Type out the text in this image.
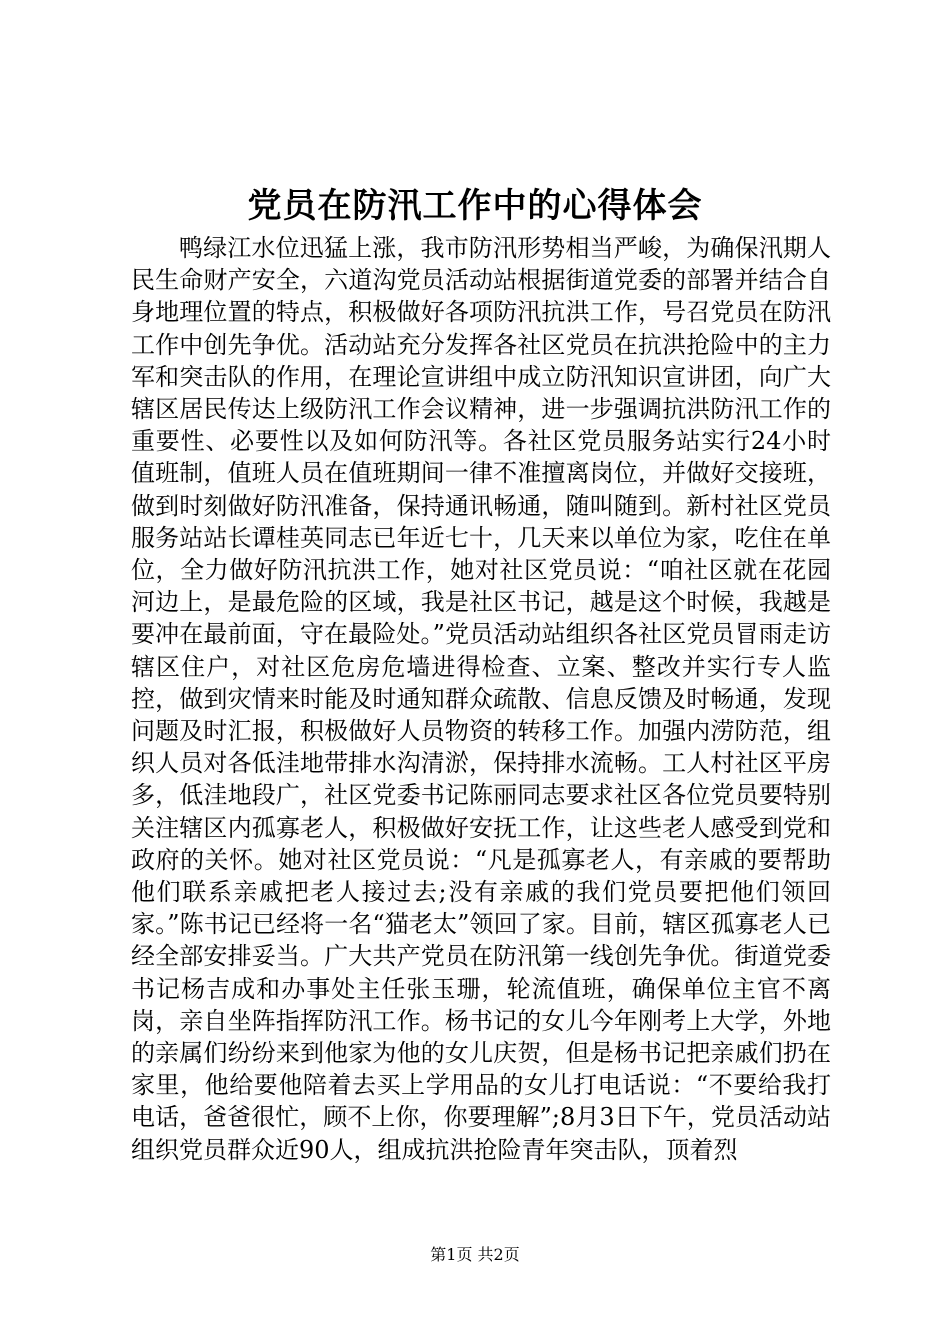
党员在防汛工作中的心得体会

鸭绿江水位迅猛上涨，我市防汛形势相当严峻，为确保汛期人民生命财产安全，六道沟党员活动站根据街道党委的部署并结合自身地理位置的特点，积极做好各项防汛抗洪工作，号召党员在防汛工作中创先争优。活动站充分发挥各社区党员在抗洪抢险中的主力军和突击队的作用，在理论宣讲组中成立防汛知识宣讲团，向广大辖区居民传达上级防汛工作会议精神，进一步强调抗洪防汛工作的重要性、必要性以及如何防汛等。各社区党员服务站实行24小时值班制，值班人员在值班期间一律不准擅离岗位，并做好交接班，做到时刻做好防汛准备，保持通讯畅通，随叫随到。新村社区党员服务站站长谭桂英同志已年近七十，几天来以单位为家，吃住在单位，全力做好防汛抗洪工作，她对社区党员说：“咱社区就在花园河边上，是最危险的区域，我是社区书记，越是这个时候，我越是要冲在最前面，守在最险处。”党员活动站组织各社区党员冒雨走访辖区住户，对社区危房危墙进得检查、立案、整改并实行专人监控，做到灾情来时能及时通知群众疏散、信息反馈及时畅通，发现问题及时汇报，积极做好人员物资的转移工作。加强内涝防范，组织人员对各低洼地带排水沟清淤，保持排水流畅。工人村社区平房多，低洼地段广，社区党委书记陈丽同志要求社区各位党员要特别关注辖区内孤寡老人，积极做好安抚工作，让这些老人感受到党和政府的关怀。她对社区党员说：“凡是孤寡老人，有亲戚的要帮助他们联系亲戚把老人接过去;没有亲戚的我们党员要把他们领回家。”陈书记已经将一名“猫老太”领回了家。目前，辖区孤寡老人已经全部安排妥当。广大共产党员在防汛第一线创先争优。街道党委书记杨吉成和办事处主任张玉珊，轮流值班，确保单位主官不离岗，亲自坐阵指挥防汛工作。杨书记的女儿今年刚考上大学，外地的亲属们纷纷来到他家为他的女儿庆贺，但是杨书记把亲戚们扔在家里，他给要他陪着去买上学用品的女儿打电话说：“不要给我打电话，爸爸很忙，顾不上你，你要理解”;8月3日下午，党员活动站组织党员群众近90人，组成抗洪抢险青年突击队，顶着烈

第1页 共2页
